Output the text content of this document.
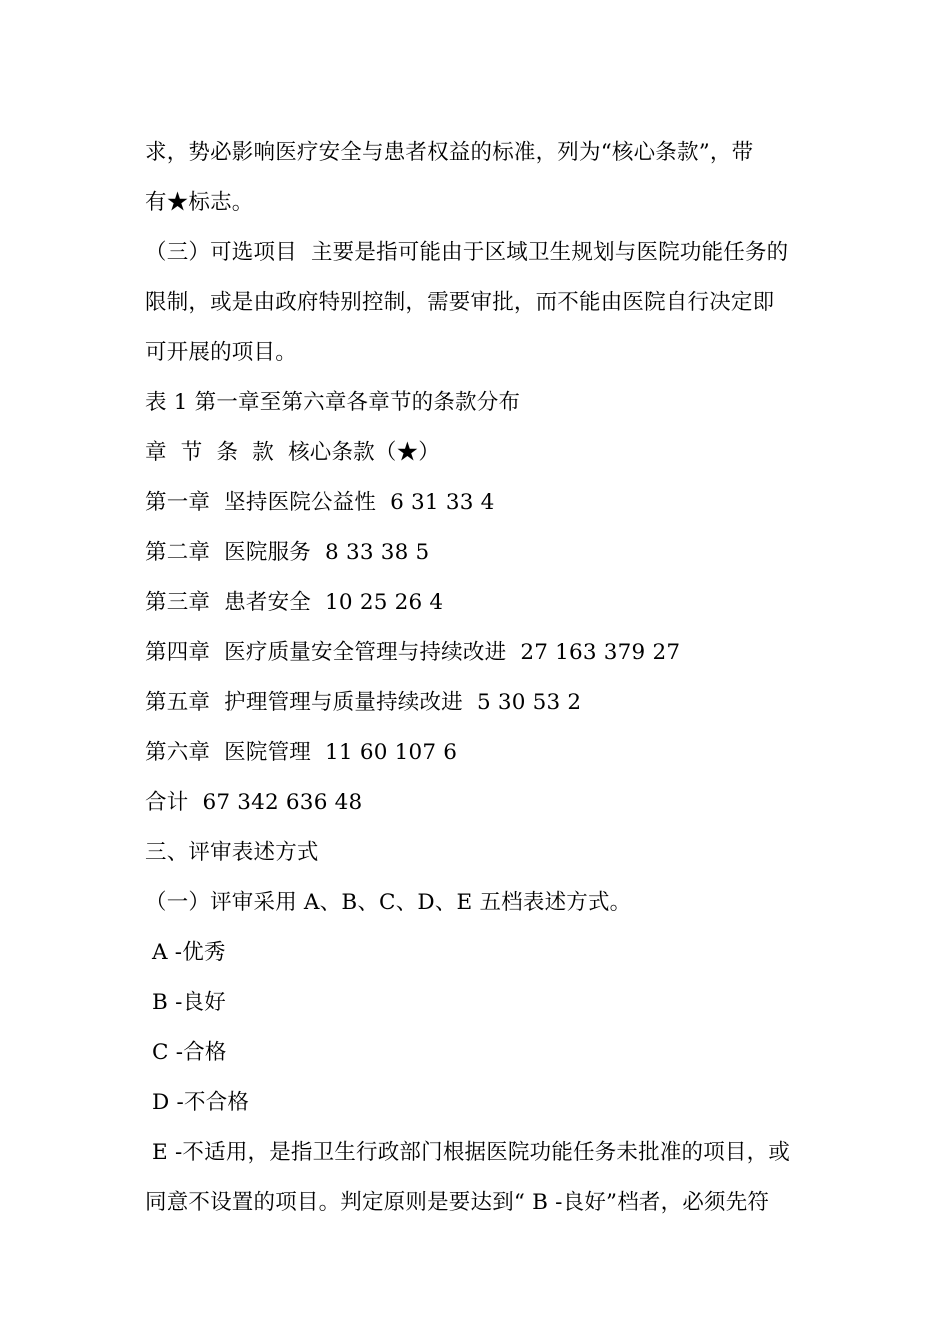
求，势必影响医疗安全与患者权益的标准，列为“核心条款”，带
有★标志。
（三）可选项目  主要是指可能由于区域卫生规划与医院功能任务的
限制，或是由政府特别控制，需要审批，而不能由医院自行决定即
可开展的项目。
表 1 第一章至第六章各章节的条款分布
章  节  条  款  核心条款（★）
第一章  坚持医院公益性  6 31 33 4
第二章  医院服务  8 33 38 5
第三章  患者安全  10 25 26 4
第四章  医疗质量安全管理与持续改进  27 163 379 27
第五章  护理管理与质量持续改进  5 30 53 2
第六章  医院管理  11 60 107 6
合计  67 342 636 48
三、评审表述方式
（一）评审采用 A、B、C、D、E 五档表述方式。
A -优秀
B -良好
C -合格
D -不合格
E -不适用，是指卫生行政部门根据医院功能任务未批准的项目，或
同意不设置的项目。判定原则是要达到“ B -良好”档者，必须先符
